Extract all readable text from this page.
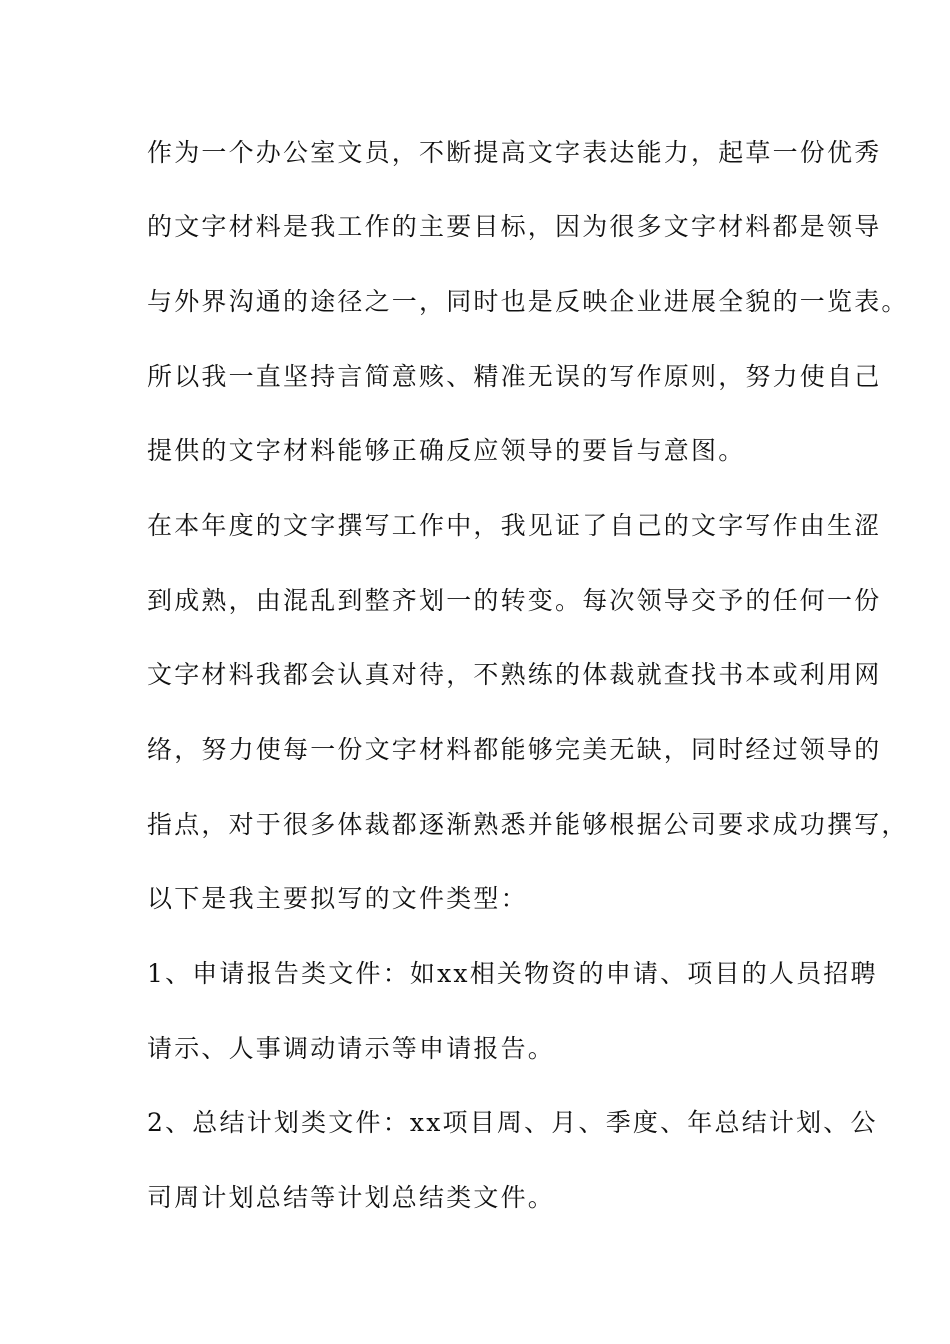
作为一个办公室文员，不断提高文字表达能力，起草一份优秀
的文字材料是我工作的主要目标，因为很多文字材料都是领导
与外界沟通的途径之一，同时也是反映企业进展全貌的一览表。
所以我一直坚持言简意赅、精准无误的写作原则，努力使自己
提供的文字材料能够正确反应领导的要旨与意图。
在本年度的文字撰写工作中，我见证了自己的文字写作由生涩
到成熟，由混乱到整齐划一的转变。每次领导交予的任何一份
文字材料我都会认真对待，不熟练的体裁就查找书本或利用网
络，努力使每一份文字材料都能够完美无缺，同时经过领导的
指点，对于很多体裁都逐渐熟悉并能够根据公司要求成功撰写，
以下是我主要拟写的文件类型：
1、申请报告类文件：如xx相关物资的申请、项目的人员招聘
请示、人事调动请示等申请报告。
2、总结计划类文件：xx项目周、月、季度、年总结计划、公
司周计划总结等计划总结类文件。
